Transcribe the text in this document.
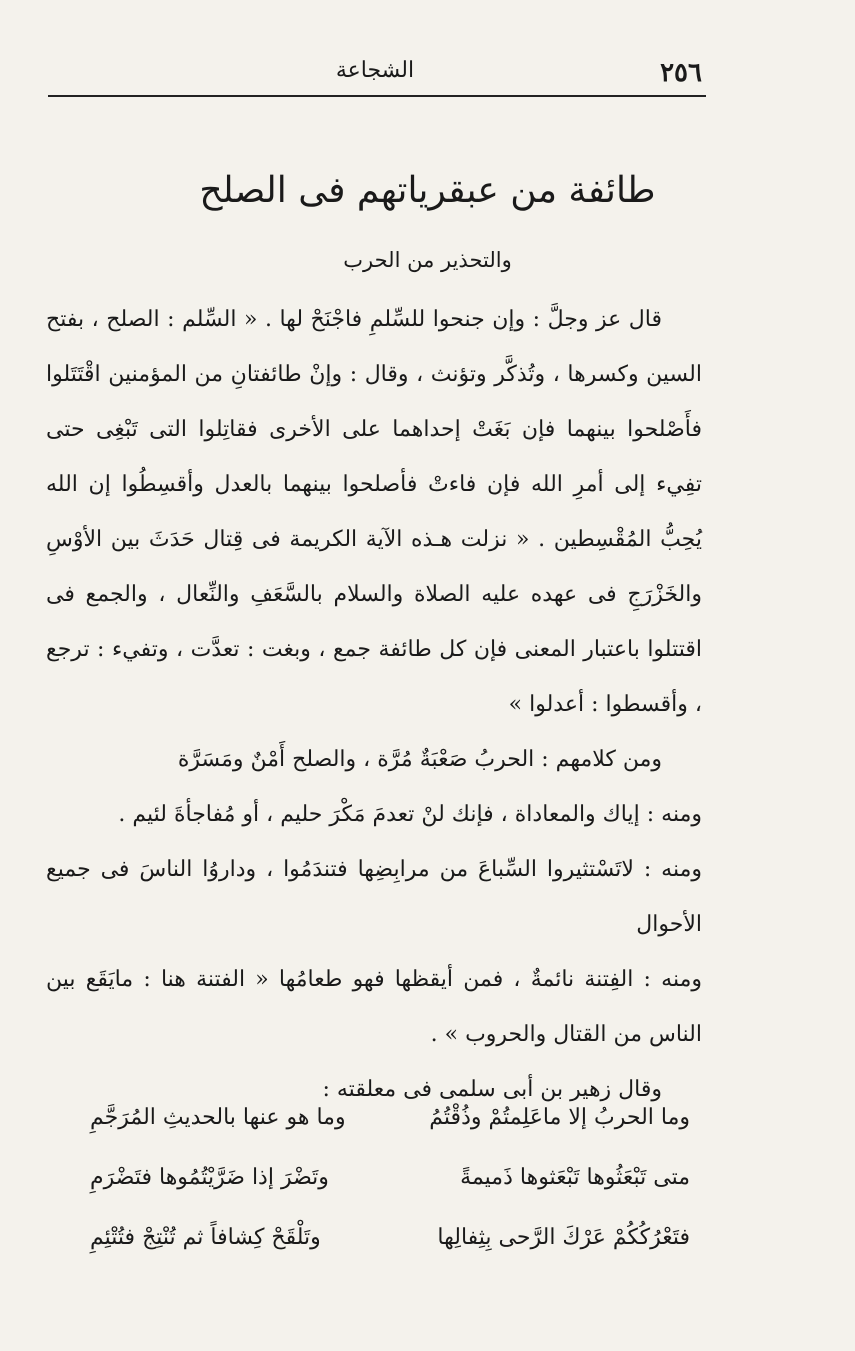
٢٥٦
الشجاعة
طائفة من عبقرياتهم فى الصلح
والتحذير من الحرب

قال عز وجلَّ : وإن جنحوا للسِّلمِ فاجْنَحْ لها . « السِّلم : الصلح ، بفتح السين وكسرها ، وتُذكَّر وتؤنث ، وقال : وإنْ طائفتانِ من المؤمنين اقْتَتَلوا فأَصْلحوا بينهما فإن بَغَتْ إحداهما على الأخرى فقاتِلوا التى تَبْغِى حتى تفِيء إلى أمرِ الله فإن فاءتْ فأصلحوا بينهما بالعدل وأقسِطُوا إن الله يُحِبُّ المُقْسِطين . « نزلت هـذه الآية الكريمة فى قِتال حَدَثَ بين الأوْسِ والخَزْرَجِ فى عهده عليه الصلاة والسلام بالسَّعَفِ والنِّعال ، والجمع فى اقتتلوا باعتبار المعنى فإن كل طائفة جمع ، وبغت : تعدَّت ، وتفيء : ترجع ، وأقسطوا : أعدلوا »

ومن كلامهم : الحربُ صَعْبَةٌ مُرَّة ، والصلح أَمْنٌ ومَسَرَّة

ومنه : إياك والمعاداة ، فإنك لنْ تعدمَ مَكْرَ حليم ، أو مُفاجأةَ لئيم .

ومنه : لاتَسْتثيروا السِّباعَ من مرابِضِها فتندَمُوا ، وداروُا الناسَ فى جميع الأحوال

ومنه : الفِتنة نائمةٌ ، فمن أيقظها فهو طعامُها « الفتنة هنا : مايَقَع بين الناس من القتال والحروب » .

وقال زهير بن أبى سلمى فى معلقته :

وما الحربُ إلا ماعَلِمتُمْ وذُقْتُمُ
وما هو عنها بالحديثِ المُرَجَّمِ
متى تَبْعَثُوها تَبْعَثوها ذَميمةً
وتَضْرَ إذا ضَرَّيْتُمُوها فتَضْرَمِ
فتَعْرُكُكُمْ عَرْكَ الرَّحى بِثِفالِها
وتَلْقَحْ كِشافاً ثم تُنْتِجْ فتُتْئِمِ
